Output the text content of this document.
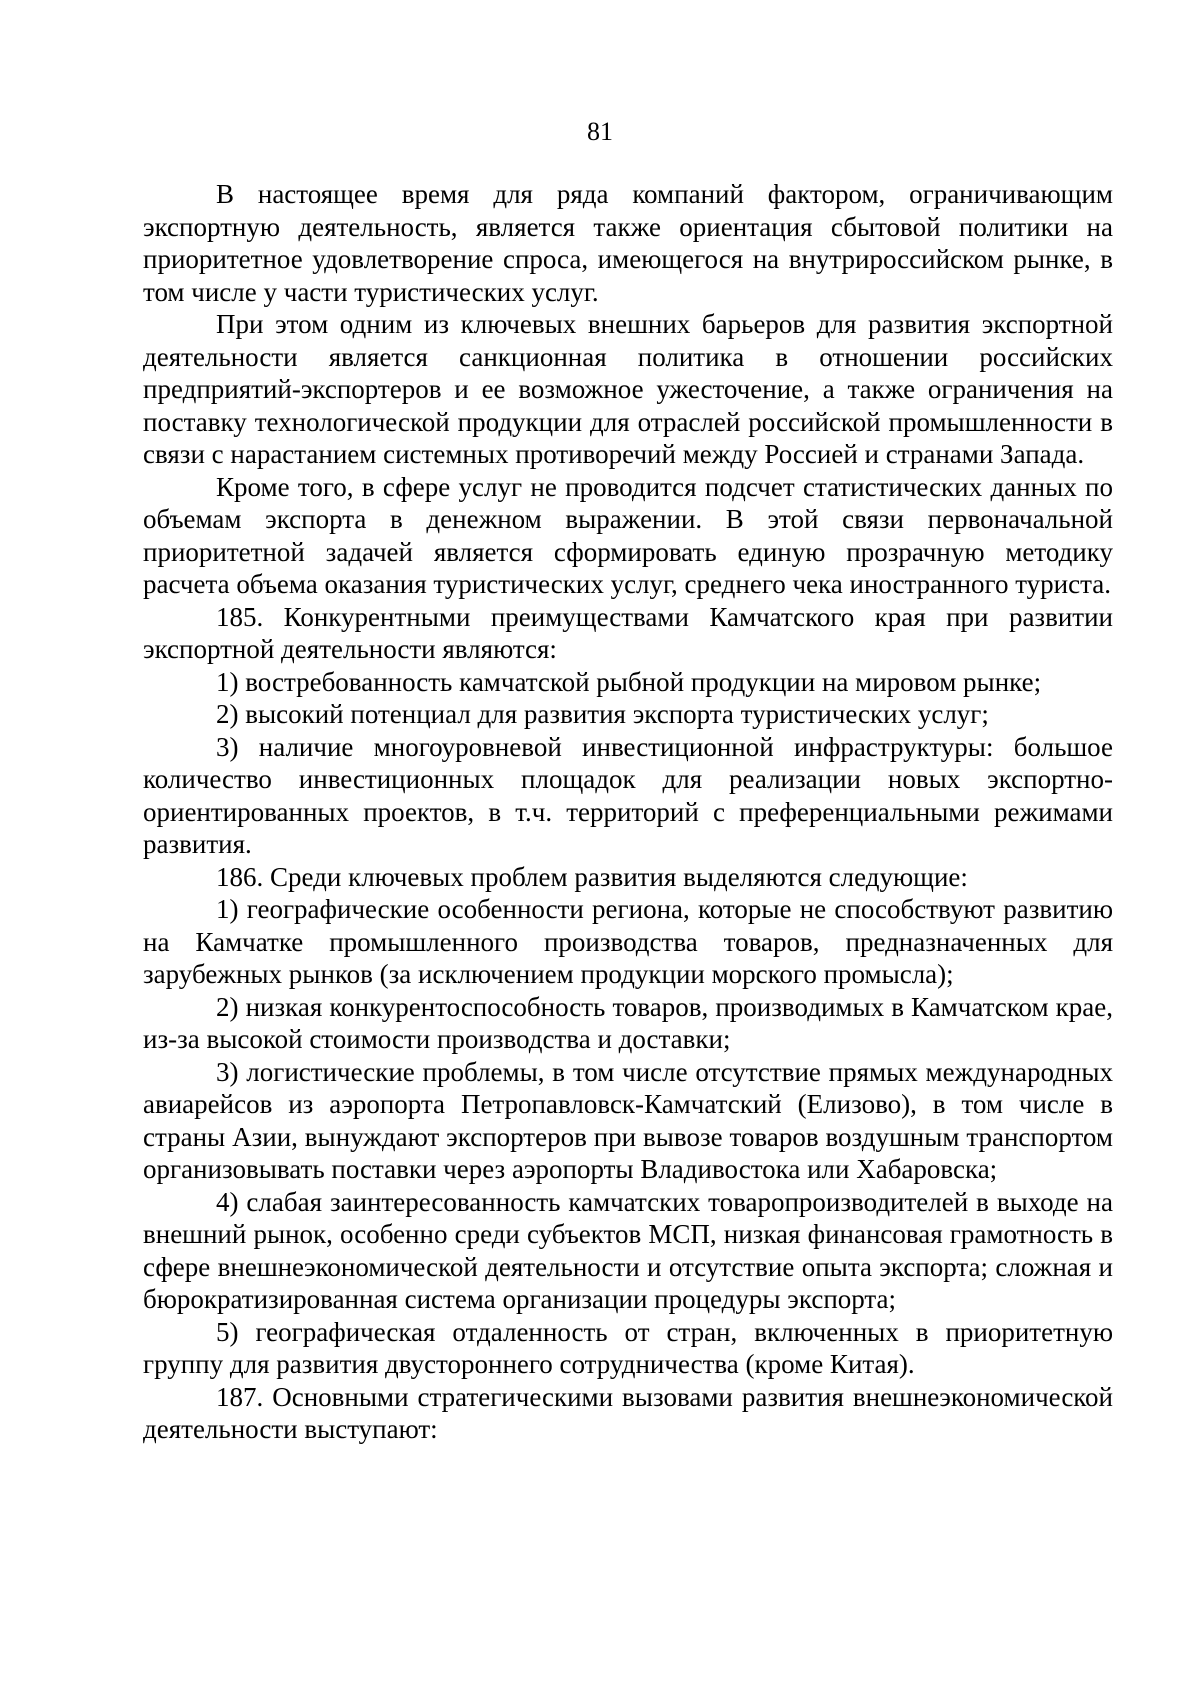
81

В настоящее время для ряда компаний фактором, ограничивающим экспортную деятельность, является также ориентация сбытовой политики на приоритетное удовлетворение спроса, имеющегося на внутрироссийском рынке, в том числе у части туристических услуг.

При этом одним из ключевых внешних барьеров для развития экспортной деятельности является санкционная политика в отношении российских предприятий-экспортеров и ее возможное ужесточение, а также ограничения на поставку технологической продукции для отраслей российской промышленности в связи с нарастанием системных противоречий между Россией и странами Запада.

Кроме того, в сфере услуг не проводится подсчет статистических данных по объемам экспорта в денежном выражении. В этой связи первоначальной приоритетной задачей является сформировать единую прозрачную методику расчета объема оказания туристических услуг, среднего чека иностранного туриста.

185. Конкурентными преимуществами Камчатского края при развитии экспортной деятельности являются:

1) востребованность камчатской рыбной продукции на мировом рынке;

2) высокий потенциал для развития экспорта туристических услуг;

3) наличие многоуровневой инвестиционной инфраструктуры: большое количество инвестиционных площадок для реализации новых экспортно-ориентированных проектов, в т.ч. территорий с преференциальными режимами развития.

186. Среди ключевых проблем развития выделяются следующие:

1) географические особенности региона, которые не способствуют развитию на Камчатке промышленного производства товаров, предназначенных для зарубежных рынков (за исключением продукции морского промысла);

2) низкая конкурентоспособность товаров, производимых в Камчатском крае, из-за высокой стоимости производства и доставки;

3) логистические проблемы, в том числе отсутствие прямых международных авиарейсов из аэропорта Петропавловск-Камчатский (Елизово), в том числе в страны Азии, вынуждают экспортеров при вывозе товаров воздушным транспортом организовывать поставки через аэропорты Владивостока или Хабаровска;

4) слабая заинтересованность камчатских товаропроизводителей в выходе на внешний рынок, особенно среди субъектов МСП, низкая финансовая грамотность в сфере внешнеэкономической деятельности и отсутствие опыта экспорта; сложная и бюрократизированная система организации процедуры экспорта;

5) географическая отдаленность от стран, включенных в приоритетную группу для развития двустороннего сотрудничества (кроме Китая).

187. Основными стратегическими вызовами развития внешнеэкономической деятельности выступают:
